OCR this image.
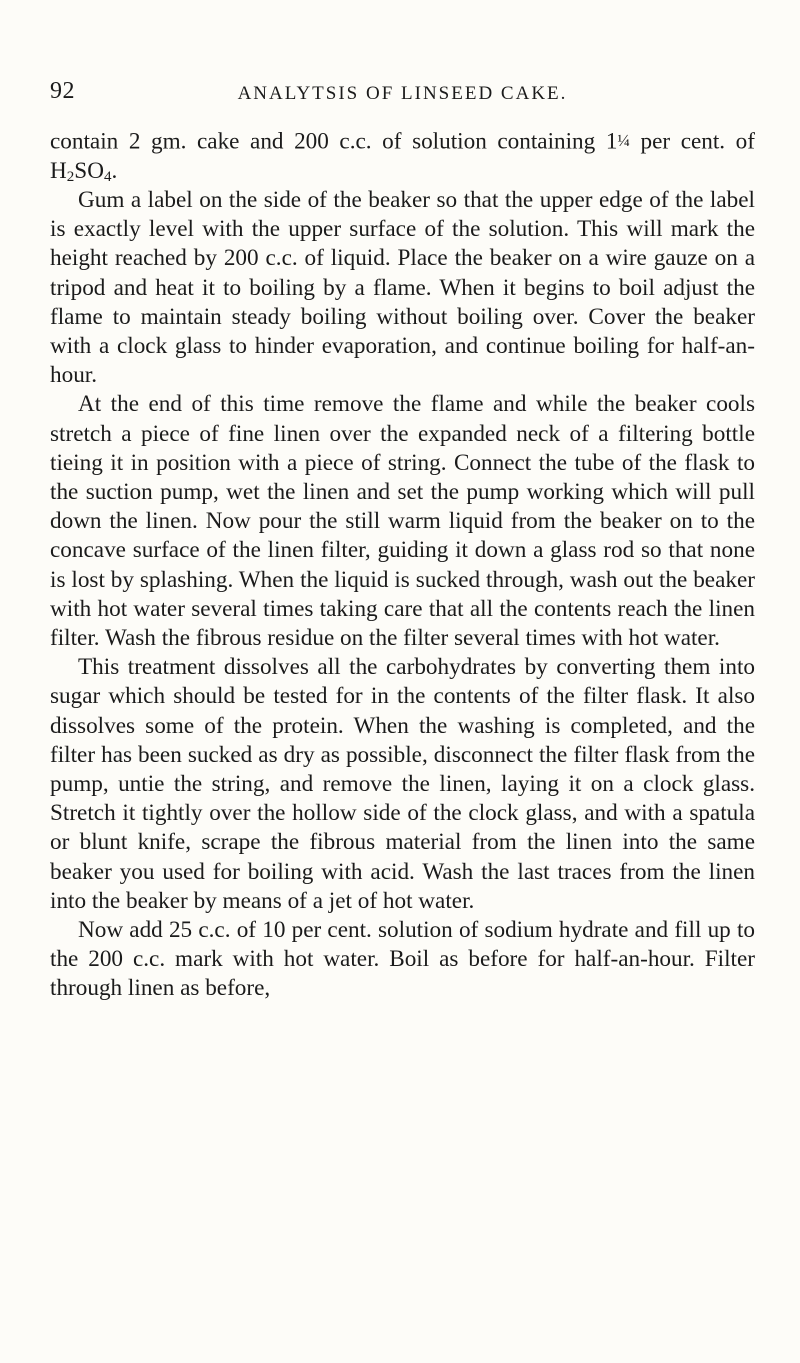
92	ANALYTSIS OF LINSEED CAKE.

contain 2 gm. cake and 200 c.c. of solution containing 1¼ per cent. of $H_2SO_4$.

Gum a label on the side of the beaker so that the upper edge of the label is exactly level with the upper surface of the solution. This will mark the height reached by 200 c.c. of liquid. Place the beaker on a wire gauze on a tripod and heat it to boiling by a flame. When it begins to boil adjust the flame to maintain steady boiling without boiling over. Cover the beaker with a clock glass to hinder evaporation, and continue boiling for half-an-hour.

At the end of this time remove the flame and while the beaker cools stretch a piece of fine linen over the expanded neck of a filtering bottle tieing it in position with a piece of string. Connect the tube of the flask to the suction pump, wet the linen and set the pump working which will pull down the linen. Now pour the still warm liquid from the beaker on to the concave surface of the linen filter, guiding it down a glass rod so that none is lost by splashing. When the liquid is sucked through, wash out the beaker with hot water several times taking care that all the contents reach the linen filter. Wash the fibrous residue on the filter several times with hot water.

This treatment dissolves all the carbohydrates by converting them into sugar which should be tested for in the contents of the filter flask. It also dissolves some of the protein. When the washing is completed, and the filter has been sucked as dry as possible, disconnect the filter flask from the pump, untie the string, and remove the linen, laying it on a clock glass. Stretch it tightly over the hollow side of the clock glass, and with a spatula or blunt knife, scrape the fibrous material from the linen into the same beaker you used for boiling with acid. Wash the last traces from the linen into the beaker by means of a jet of hot water.

Now add 25 c.c. of 10 per cent. solution of sodium hydrate and fill up to the 200 c.c. mark with hot water. Boil as before for half-an-hour. Filter through linen as before,
